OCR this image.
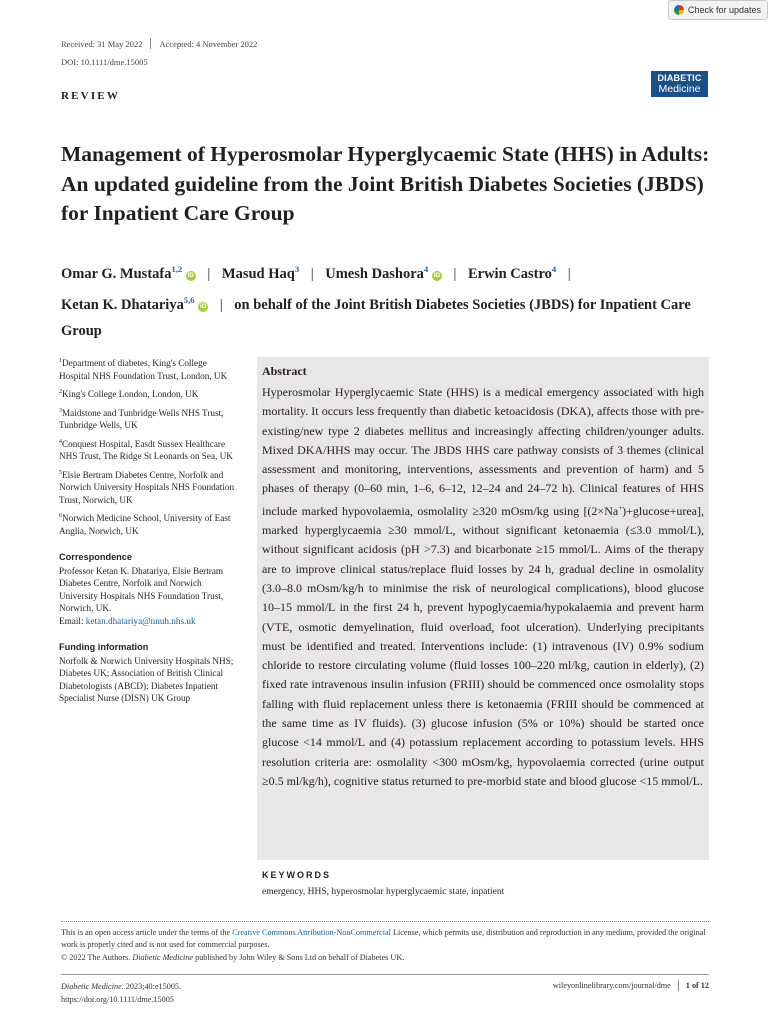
Check for updates
Received: 31 May 2022 Accepted: 4 November 2022
DOI: 10.1111/dme.15005
REVIEW
DIABETIC
Medicine
Management of Hyperosmolar Hyperglycaemic State (HHS) in Adults: An updated guideline from the Joint British Diabetes Societies (JBDS) for Inpatient Care Group
Omar G. Mustafa$^{1,2}$ iD | Masud Haq$^3$ | Umesh Dashora$^4$ iD | Erwin Castro$^4$ |
Ketan K. Dhatariya$^{5,6}$ iD | on behalf of the Joint British Diabetes Societies (JBDS) for Inpatient Care Group
$^1$Department of diabetes, King's College Hospital NHS Foundation Trust, London, UK
$^2$King's College London, London, UK
$^3$Maidstone and Tunbridge Wells NHS Trust, Tunbridge Wells, UK
$^4$Conquest Hospital, Easdt Sussex Healthcare NHS Trust, The Ridge St Leonards on Sea, UK
$^5$Elsie Bertram Diabetes Centre, Norfolk and Norwich University Hospitals NHS Foundation Trust, Norwich, UK
$^6$Norwich Medicine School, University of East Anglia, Norwich, UK
Correspondence
Professor Ketan K. Dhatariya, Elsie Bertram Diabetes Centre, Norfolk and Norwich University Hospitals NHS Foundation Trust, Norwich, UK.
Email: ketan.dhatariya@nnuh.nhs.uk
Funding information
Norfolk & Norwich University Hospitals NHS; Diabetes UK; Association of British Clinical Diabetologists (ABCD); Diabetes Inpatient Specialist Nurse (DISN) UK Group
Abstract
Hyperosmolar Hyperglycaemic State (HHS) is a medical emergency associated with high mortality. It occurs less frequently than diabetic ketoacidosis (DKA), affects those with pre-existing/new type 2 diabetes mellitus and increasingly affecting children/younger adults. Mixed DKA/HHS may occur. The JBDS HHS care pathway consists of 3 themes (clinical assessment and monitoring, interventions, assessments and prevention of harm) and 5 phases of therapy (0–60 min, 1–6, 6–12, 12–24 and 24–72 h). Clinical features of HHS include marked hypovolaemia, osmolality ≥320 mOsm/kg using [(2×Na+)+glucose+urea], marked hyperglycaemia ≥30 mmol/L, without significant ketonaemia (≤3.0 mmol/L), without significant acidosis (pH >7.3) and bicarbonate ≥15 mmol/L. Aims of the therapy are to improve clinical status/replace fluid losses by 24 h, gradual decline in osmolality (3.0–8.0 mOsm/kg/h to minimise the risk of neurological complications), blood glucose 10–15 mmol/L in the first 24 h, prevent hypoglycaemia/hypokalaemia and prevent harm (VTE, osmotic demyelination, fluid overload, foot ulceration). Underlying precipitants must be identified and treated. Interventions include: (1) intravenous (IV) 0.9% sodium chloride to restore circulating volume (fluid losses 100–220 ml/kg, caution in elderly), (2) fixed rate intravenous insulin infusion (FRIII) should be commenced once osmolality stops falling with fluid replacement unless there is ketonaemia (FRIII should be commenced at the same time as IV fluids). (3) glucose infusion (5% or 10%) should be started once glucose <14 mmol/L and (4) potassium replacement according to potassium levels. HHS resolution criteria are: osmolality <300 mOsm/kg, hypovolaemia corrected (urine output ≥0.5 ml/kg/h), cognitive status returned to pre-morbid state and blood glucose <15 mmol/L.
KEYWORDS
emergency, HHS, hyperosmolar hyperglycaemic state, inpatient
This is an open access article under the terms of the Creative Commons Attribution-NonCommercial License, which permits use, distribution and reproduction in any medium, provided the original work is properly cited and is not used for commercial purposes.
© 2022 The Authors. Diabetic Medicine published by John Wiley & Sons Ltd on behalf of Diabetes UK.
Diabetic Medicine. 2023;40:e15005.
https://doi.org/10.1111/dme.15005
wileyonlinelibrary.com/journal/dme 1 of 12
